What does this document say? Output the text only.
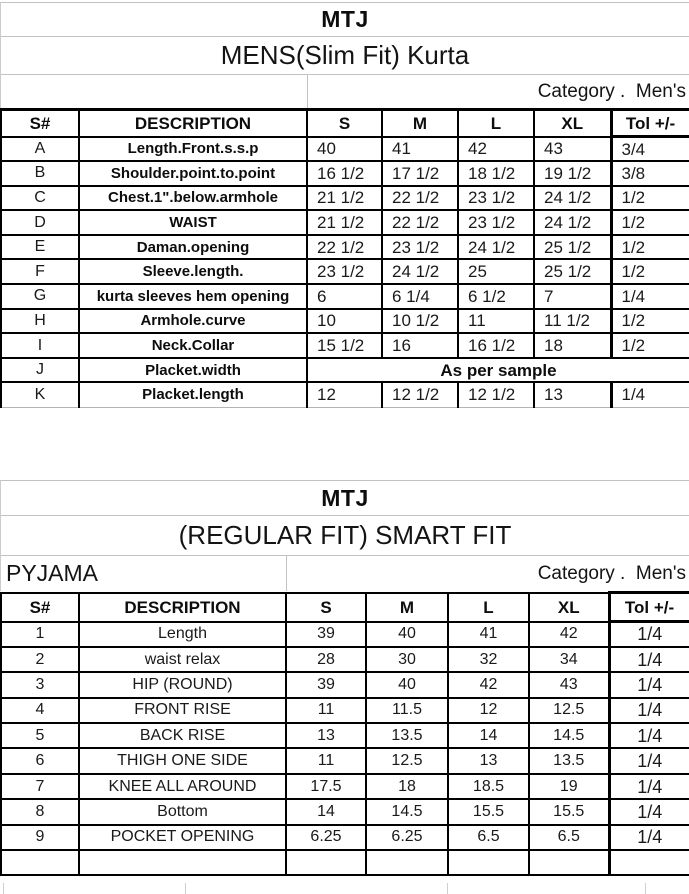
MTJ
MENS(Slim Fit) Kurta
Category .  Men's
S#	DESCRIPTION	S	M	L	XL	Tol +/-
A	Length.Front.s.s.p	40	41	42	43	3/4
B	Shoulder.point.to.point	16 1/2	17 1/2	18 1/2	19 1/2	3/8
C	Chest.1".below.armhole	21 1/2	22 1/2	23 1/2	24 1/2	1/2
D	WAIST	21 1/2	22 1/2	23 1/2	24 1/2	1/2
E	Daman.opening	22 1/2	23 1/2	24 1/2	25 1/2	1/2
F	Sleeve.length.	23 1/2	24 1/2	25	25 1/2	1/2
G	kurta sleeves hem opening	6	6 1/4	6 1/2	7	1/4
H	Armhole.curve	10	10 1/2	11	11 1/2	1/2
I	Neck.Collar	15 1/2	16	16 1/2	18	1/2
J	Placket.width	As per sample				
K	Placket.length	12	12 1/2	12 1/2	13	1/4
MTJ
(REGULAR FIT) SMART FIT
PYJAMA	Category .  Men's
S#	DESCRIPTION	S	M	L	XL	Tol +/-
1	Length	39	40	41	42	1/4
2	waist relax	28	30	32	34	1/4
3	HIP (ROUND)	39	40	42	43	1/4
4	FRONT RISE	11	11.5	12	12.5	1/4
5	BACK RISE	13	13.5	14	14.5	1/4
6	THIGH ONE SIDE	11	12.5	13	13.5	1/4
7	KNEE ALL AROUND	17.5	18	18.5	19	1/4
8	Bottom	14	14.5	15.5	15.5	1/4
9	POCKET OPENING	6.25	6.25	6.5	6.5	1/4
